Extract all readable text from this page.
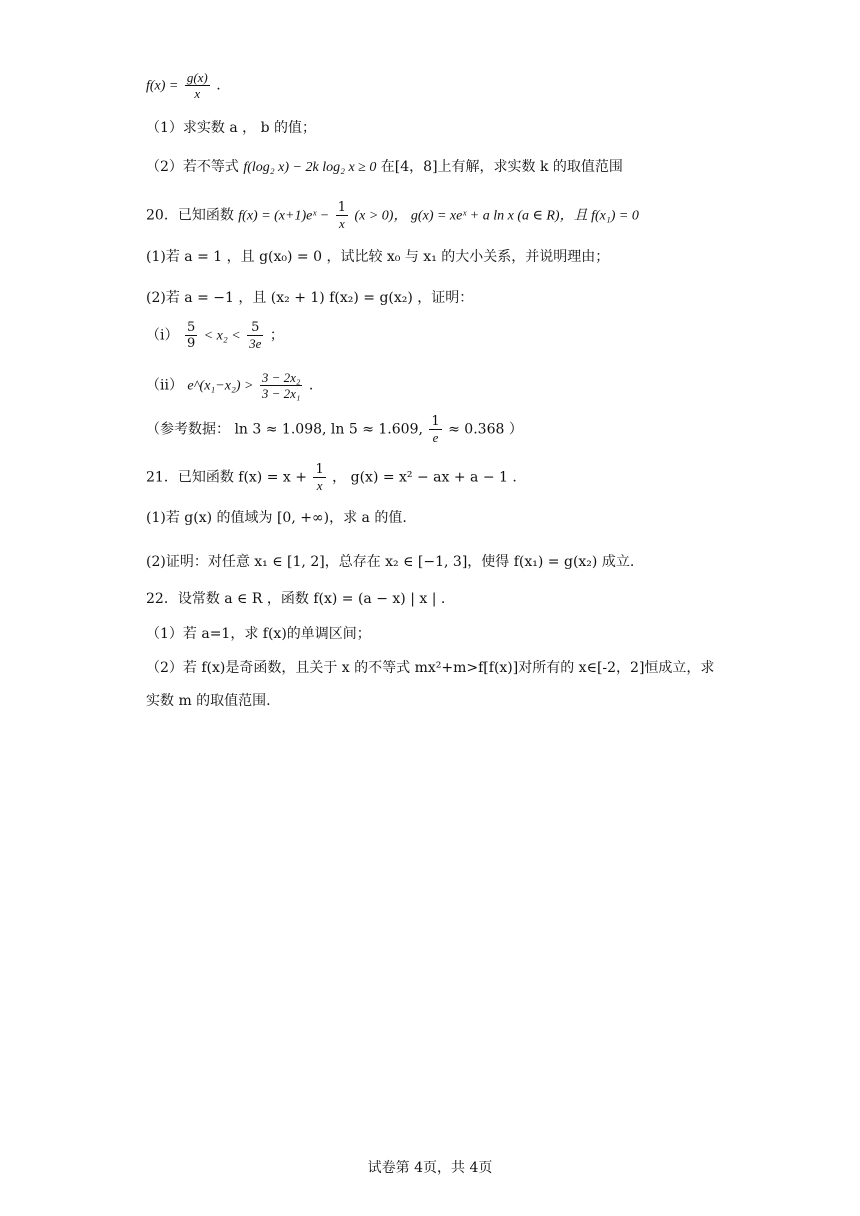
$f(x) = \frac{g(x)}{x}$ .
（1）求实数 a ， b 的值；
（2）若不等式 f(log₂ x) − 2k log₂ x ≥ 0 在[4，8]上有解，求实数 k 的取值范围
20．已知函数 f(x) = (x+1)eˣ − $\frac{1}{x} (x > 0)$， g(x) = xeˣ + a ln x (a ∈ R)，且 f(x₁) = 0
(1)若 a = 1 ，且 g(x₀) = 0 ，试比较 x₀ 与 x₁ 的大小关系，并说明理由；
(2)若 a = −1 ，且 (x₂ + 1) f(x₂) = g(x₂) ，证明：
$(i) \frac{5}{9} < x_2 < \frac{5}{3e}$ ；
（ii） e^(x₁−x₂) > $\frac{\text{3 − 2x₂}}{\text{3 − 2x₁}}$ .
（参考数据： ln 3 ≈ 1.098, ln 5 ≈ 1.609, $\frac{1}{e} \approx 0.368$ ）
21．已知函数 $f(x) = x + \frac{1}{x}$ ， g(x) = x² − ax + a − 1 .
(1)若 g(x) 的值域为 [0, +∞)，求 a 的值.
(2)证明：对任意 x₁ ∈ [1, 2]，总存在 x₂ ∈ [−1, 3]，使得 f(x₁) = g(x₂) 成立.
22．设常数 a ∈ R ，函数 f(x) = (a − x) | x | .
（1）若 a=1，求 f(x)的单调区间；
（2）若 f(x)是奇函数，且关于 x 的不等式 mx²+m>f[f(x)]对所有的 x∈[-2，2]恒成立，求
实数 m 的取值范围.
试卷第 4页，共 4页
